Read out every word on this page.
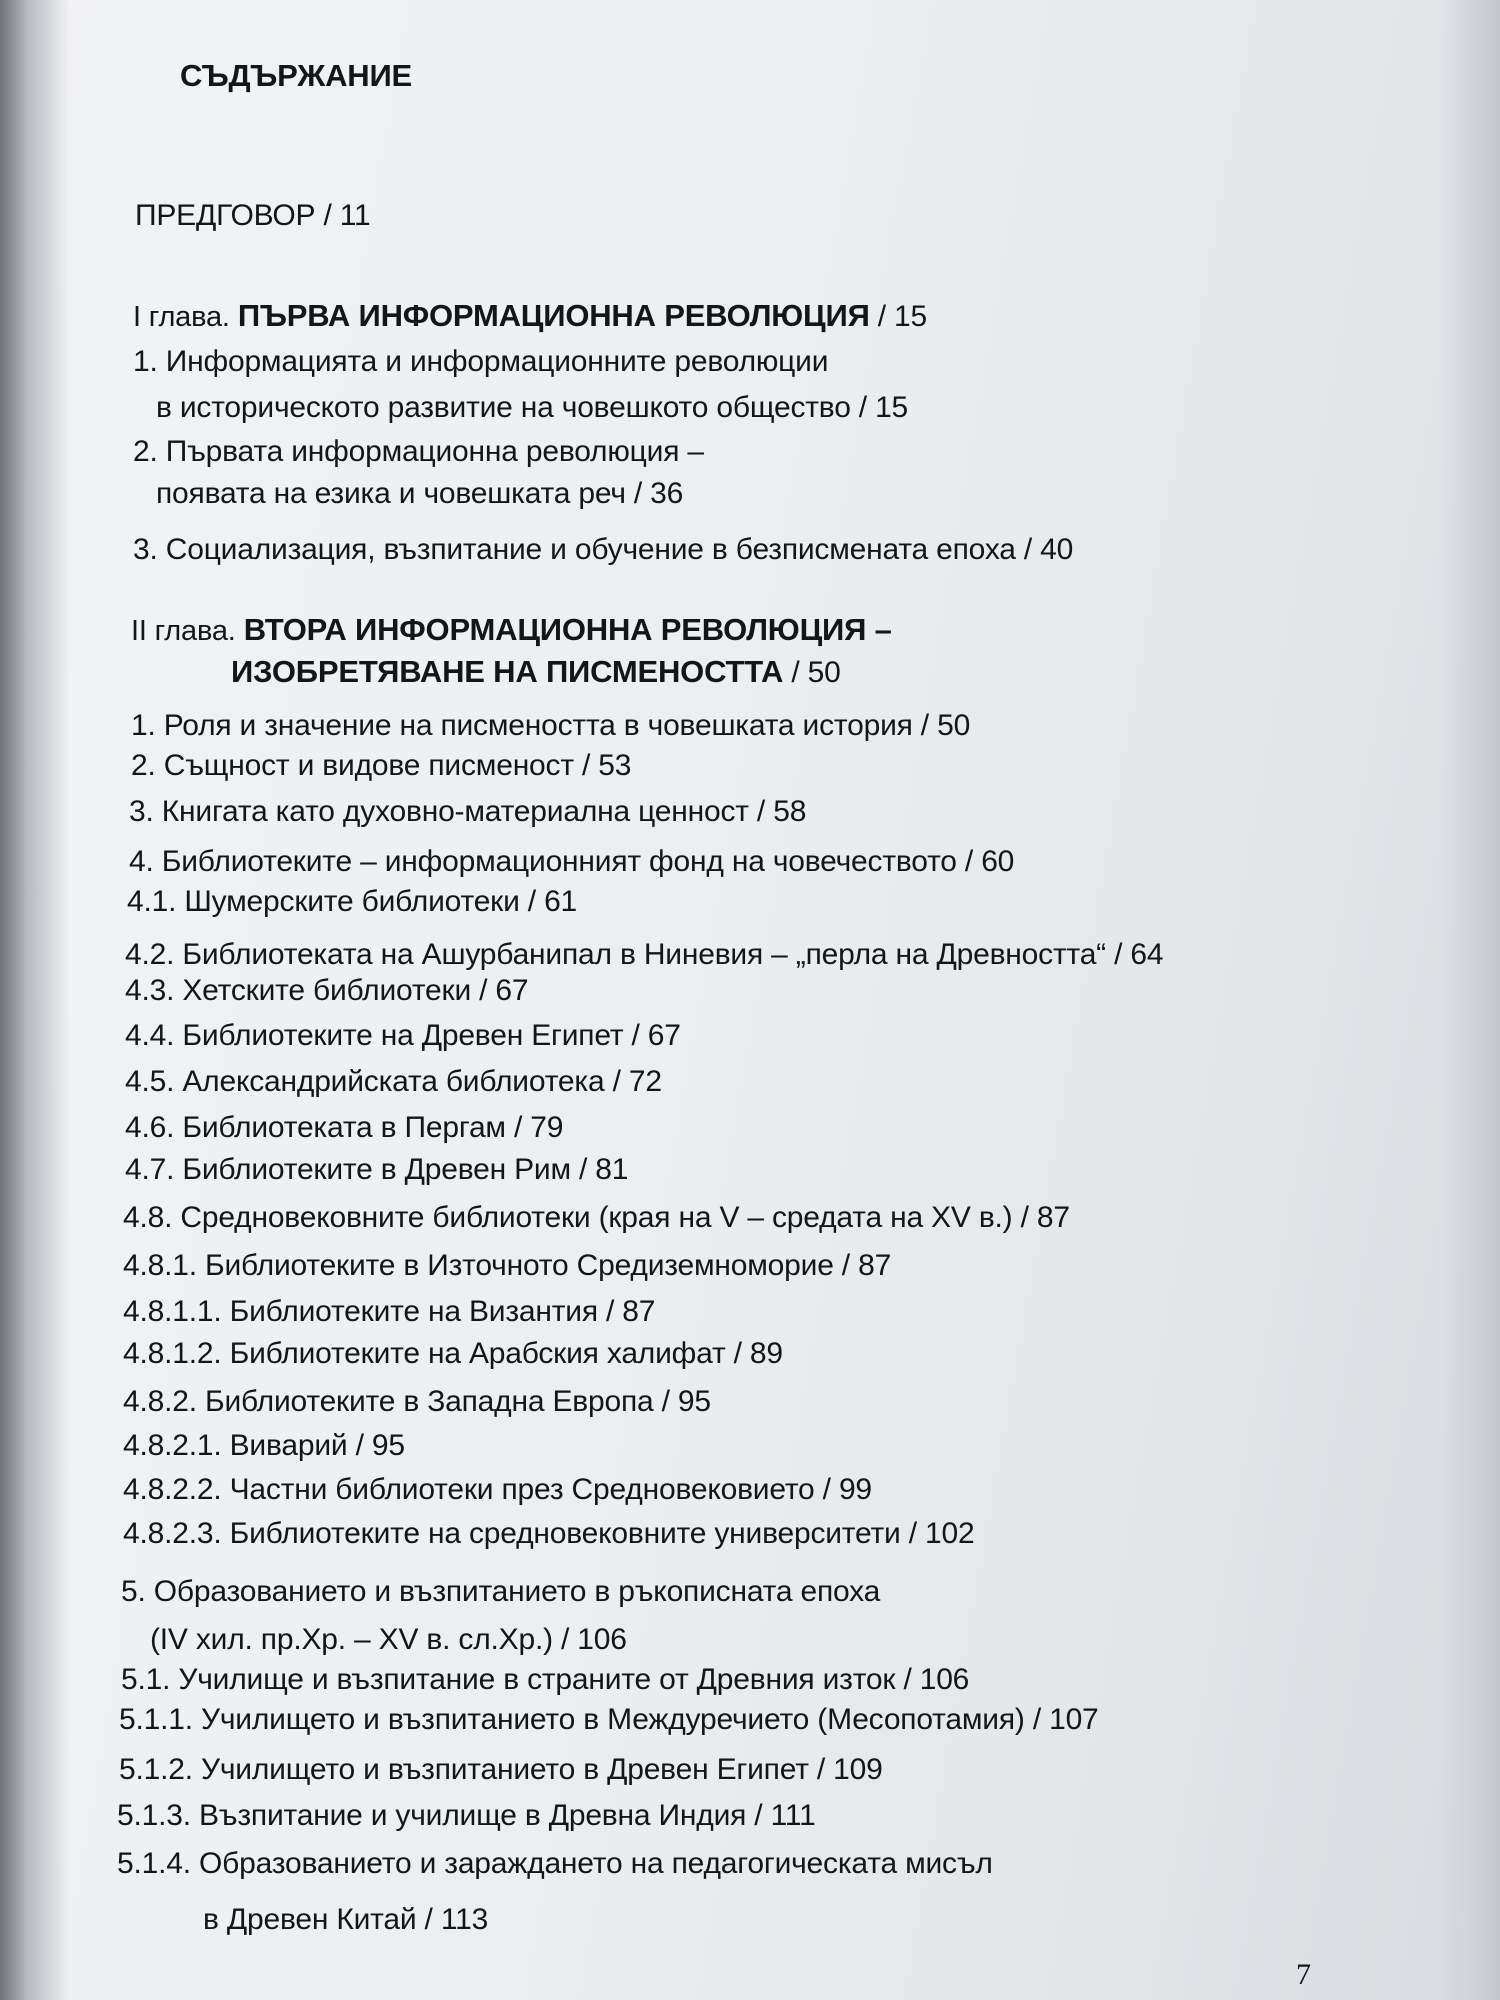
СЪДЪРЖАНИЕ
ПРЕДГОВОР / 11
I глава. ПЪРВА ИНФОРМАЦИОННА РЕВОЛЮЦИЯ / 15
1. Информацията и информационните революции
в историческото развитие на човешкото общество / 15
2. Първата информационна революция –
появата на езика и човешката реч / 36
3. Социализация, възпитание и обучение в безписмената епоха / 40
II глава. ВТОРА ИНФОРМАЦИОННА РЕВОЛЮЦИЯ –
ИЗОБРЕТЯВАНЕ НА ПИСМЕНОСТТА / 50
1. Роля и значение на писмеността в човешката история / 50
2. Същност и видове писменост / 53
3. Книгата като духовно-материална ценност / 58
4. Библиотеките – информационният фонд на човечеството / 60
4.1. Шумерските библиотеки / 61
4.2. Библиотеката на Ашурбанипал в Ниневия – „перла на Древността“ / 64
4.3. Хетските библиотеки / 67
4.4. Библиотеките на Древен Египет / 67
4.5. Александрийската библиотека / 72
4.6. Библиотеката в Пергам / 79
4.7. Библиотеките в Древен Рим / 81
4.8. Средновековните библиотеки (края на V – средата на XV в.) / 87
4.8.1. Библиотеките в Източното Средиземноморие / 87
4.8.1.1. Библиотеките на Византия / 87
4.8.1.2. Библиотеките на Арабския халифат / 89
4.8.2. Библиотеките в Западна Европа / 95
4.8.2.1. Виварий / 95
4.8.2.2. Частни библиотеки през Средновековието / 99
4.8.2.3. Библиотеките на средновековните университети / 102
5. Образованието и възпитанието в ръкописната епоха
(IV хил. пр.Хр. – XV в. сл.Хр.) / 106
5.1. Училище и възпитание в страните от Древния изток / 106
5.1.1. Училището и възпитанието в Междуречието (Месопотамия) / 107
5.1.2. Училището и възпитанието в Древен Египет / 109
5.1.3. Възпитание и училище в Древна Индия / 111
5.1.4. Образованието и зараждането на педагогическата мисъл
в Древен Китай / 113
7
